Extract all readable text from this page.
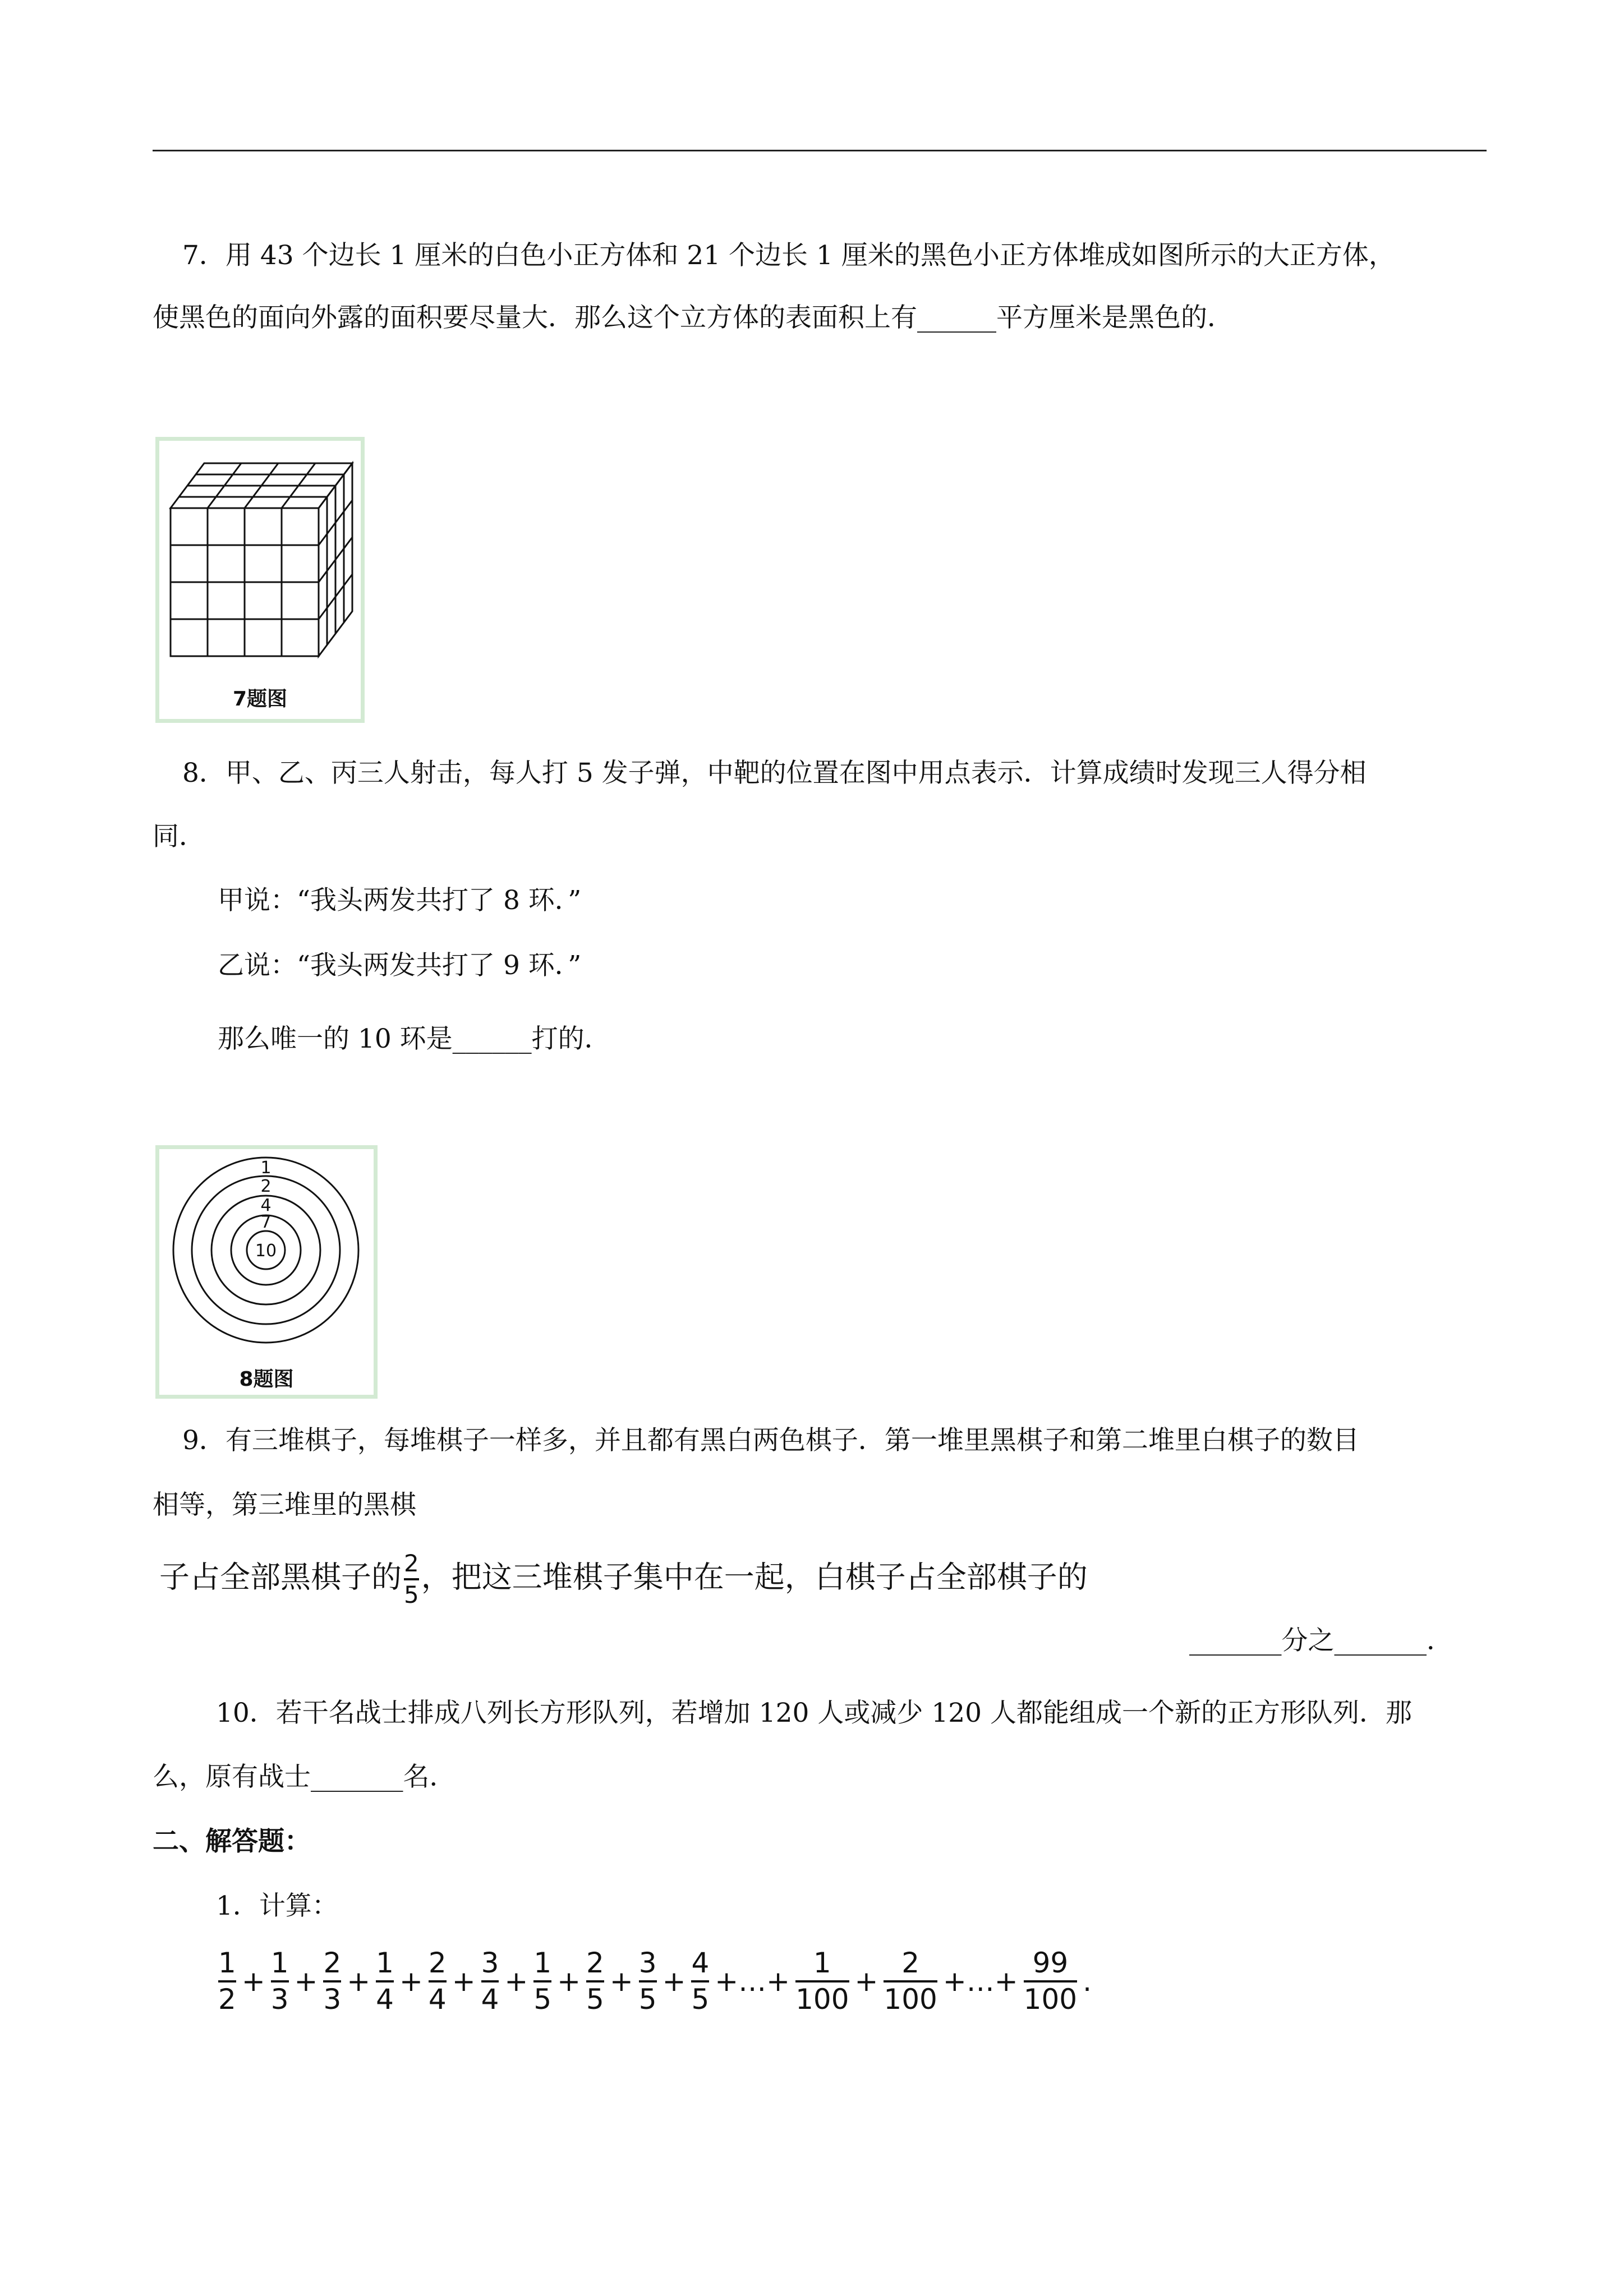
7．用 43 个边长 1 厘米的白色小正方体和 21 个边长 1 厘米的黑色小正方体堆成如图所示的大正方体，
使黑色的面向外露的面积要尽量大．那么这个立方体的表面积上有______平方厘米是黑色的．
7题图
8．甲、乙、丙三人射击，每人打 5 发子弹，中靶的位置在图中用点表示．计算成绩时发现三人得分相
同．
甲说：“我头两发共打了 8 环．”
乙说：“我头两发共打了 9 环．”
那么唯一的 10 环是______打的．
1
2
4
7
10
8题图
9．有三堆棋子，每堆棋子一样多，并且都有黑白两色棋子．第一堆里黑棋子和第二堆里白棋子的数目
相等，第三堆里的黑棋
子占全部黑棋子的 $\frac{2}{5}$ ，把这三堆棋子集中在一起，白棋子占全部棋子的
_______分之_______．
10．若干名战士排成八列长方形队列，若增加 120 人或减少 120 人都能组成一个新的正方形队列．那
么，原有战士_______名．
二、解答题：
1．计算：
$\frac{1}{2} + \frac{1}{3} + \frac{2}{3} + \frac{1}{4} + \frac{2}{4} + \frac{3}{4} + \frac{1}{5} + \frac{2}{5} + \frac{3}{5} + \frac{4}{5}$ +…+ $\frac{1}{100} + \frac{2}{100}$ +…+ $\frac{99}{100}$ .
